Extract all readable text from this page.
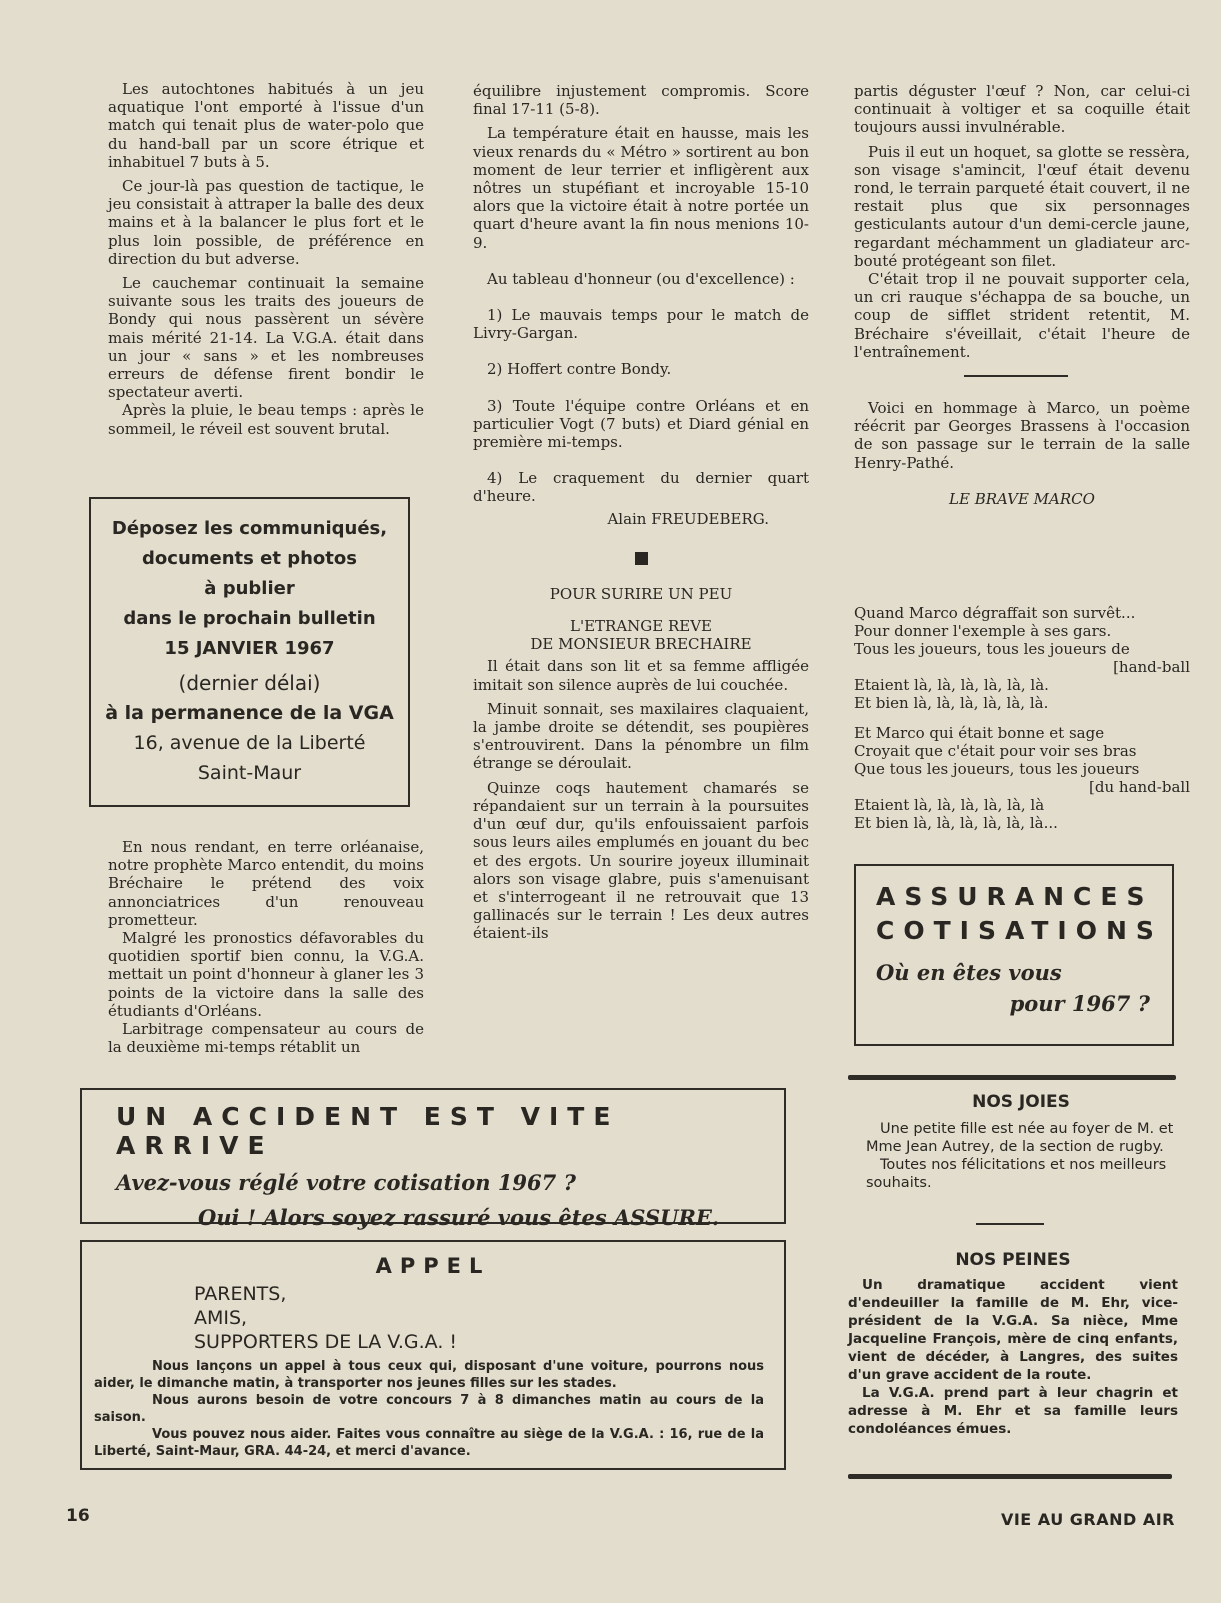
Les autochtones habitués à un jeu aquatique l'ont emporté à l'issue d'un match qui tenait plus de water-polo que du hand-ball par un score étrique et inhabituel 7 buts à 5.

Ce jour-là pas question de tactique, le jeu consistait à attraper la balle des deux mains et à la balancer le plus fort et le plus loin possible, de préférence en direction du but adverse.

Le cauchemar continuait la semaine suivante sous les traits des joueurs de Bondy qui nous passèrent un sévère mais mérité 21-14. La V.G.A. était dans un jour « sans » et les nombreuses erreurs de défense firent bondir le spectateur averti.

Après la pluie, le beau temps : après le sommeil, le réveil est souvent brutal.

Déposez les communiqués,
documents et photos
à publier
dans le prochain bulletin
15 JANVIER 1967
(dernier délai)
à la permanence de la VGA
16, avenue de la Liberté
Saint-Maur

En nous rendant, en terre orléanaise, notre prophète Marco entendit, du moins Bréchaire le prétend des voix annonciatrices d'un renouveau prometteur.

Malgré les pronostics défavorables du quotidien sportif bien connu, la V.G.A. mettait un point d'honneur à glaner les 3 points de la victoire dans la salle des étudiants d'Orléans.

Larbitrage compensateur au cours de la deuxième mi-temps rétablit un

équilibre injustement compromis. Score final 17-11 (5-8).

La température était en hausse, mais les vieux renards du « Métro » sortirent au bon moment de leur terrier et infligèrent aux nôtres un stupéfiant et incroyable 15-10 alors que la victoire était à notre portée un quart d'heure avant la fin nous menions 10-9.

Au tableau d'honneur (ou d'excellence) :

1) Le mauvais temps pour le match de Livry-Gargan.

2) Hoffert contre Bondy.

3) Toute l'équipe contre Orléans et en particulier Vogt (7 buts) et Diard génial en première mi-temps.

4) Le craquement du dernier quart d'heure.

Alain FREUDEBERG.

POUR SURIRE UN PEU

L'ETRANGE REVE

DE MONSIEUR BRECHAIRE

Il était dans son lit et sa femme affligée imitait son silence auprès de lui couchée.

Minuit sonnait, ses maxilaires claquaient, la jambe droite se détendit, ses poupières s'entrouvirent. Dans la pénombre un film étrange se déroulait.

Quinze coqs hautement chamarés se répandaient sur un terrain à la poursuites d'un œuf dur, qu'ils enfouissaient parfois sous leurs ailes emplumés en jouant du bec et des ergots. Un sourire joyeux illuminait alors son visage glabre, puis s'amenuisant et s'interrogeant il ne retrouvait que 13 gallinacés sur le terrain ! Les deux autres étaient-ils

partis déguster l'œuf ? Non, car celui-ci continuait à voltiger et sa coquille était toujours aussi invulnérable.

Puis il eut un hoquet, sa glotte se ressèra, son visage s'amincit, l'œuf était devenu rond, le terrain parqueté était couvert, il ne restait plus que six personnages gesticulants autour d'un demi-cercle jaune, regardant méchamment un gladiateur arc-bouté protégeant son filet.

C'était trop il ne pouvait supporter cela, un cri rauque s'échappa de sa bouche, un coup de sifflet strident retentit, M. Bréchaire s'éveillait, c'était l'heure de l'entraînement.

Voici en hommage à Marco, un poème réécrit par Georges Brassens à l'occasion de son passage sur le terrain de la salle Henry-Pathé.

LE BRAVE MARCO

Quand Marco dégraffait son survêt...

Pour donner l'exemple à ses gars.

Tous les joueurs, tous les joueurs de

[hand-ball

Etaient là, là, là, là, là, là.

Et bien là, là, là, là, là, là.

Et Marco qui était bonne et sage

Croyait que c'était pour voir ses bras

Que tous les joueurs, tous les joueurs

[du hand-ball

Etaient là, là, là, là, là, là

Et bien là, là, là, là, là, là...

ASSURANCES
COTISATIONS
Où en êtes vous
pour 1967 ?
UN ACCIDENT EST VITE ARRIVE
Avez-vous réglé votre cotisation 1967 ?
Oui ! Alors soyez rassuré vous êtes ASSURE.
APPEL
PARENTS,
AMIS,
SUPPORTERS DE LA V.G.A. !

Nous lançons un appel à tous ceux qui, disposant d'une voiture, pourrons nous aider, le dimanche matin, à transporter nos jeunes filles sur les stades.

Nous aurons besoin de votre concours 7 à 8 dimanches matin au cours de la saison.

Vous pouvez nous aider. Faites vous connaître au siège de la V.G.A. : 16, rue de la Liberté, Saint-Maur, GRA. 44-24, et merci d'avance.

NOS JOIES

Une petite fille est née au foyer de M. et Mme Jean Autrey, de la section de rugby.

Toutes nos félicitations et nos meilleurs souhaits.

NOS PEINES

Un dramatique accident vient d'endeuiller la famille de M. Ehr, vice-président de la V.G.A. Sa nièce, Mme Jacqueline François, mère de cinq enfants, vient de décéder, à Langres, des suites d'un grave accident de la route.

La V.G.A. prend part à leur chagrin et adresse à M. Ehr et sa famille leurs condoléances émues.

16	VIE AU GRAND AIR
